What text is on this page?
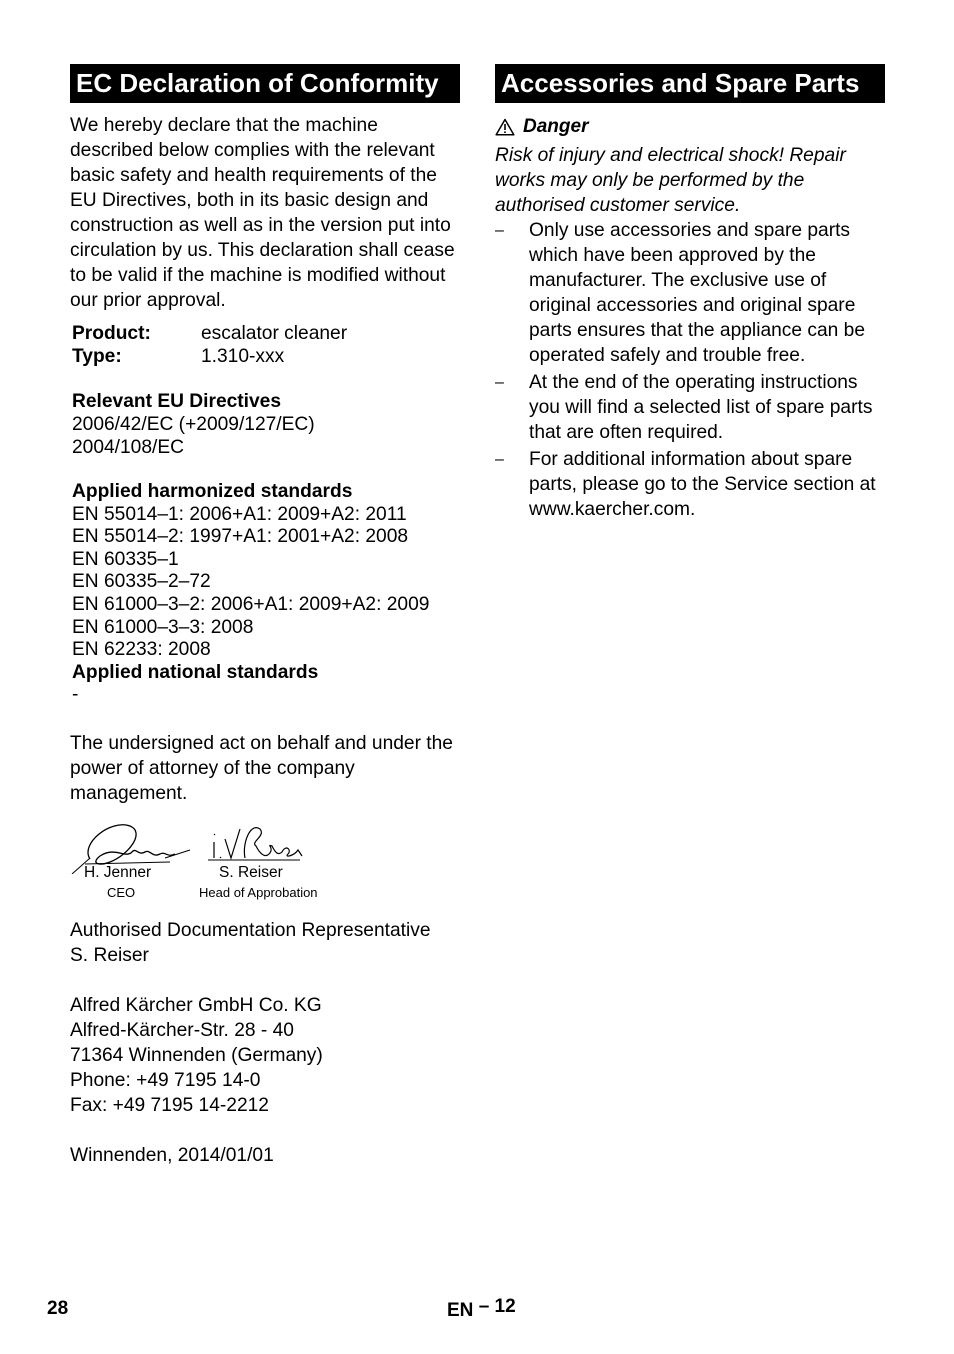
EC Declaration of Conformity

We hereby declare that the machine described below complies with the relevant basic safety and health requirements of the EU Directives, both in its basic design and construction as well as in the version put into circulation by us. This declaration shall cease to be valid if the machine is modified without our prior approval.

Product:	escalator cleaner
Type:	1.310-xxx
Relevant EU Directives
2006/42/EC (+2009/127/EC)
2004/108/EC
Applied harmonized standards
EN 55014–1: 2006+A1: 2009+A2: 2011
EN 55014–2: 1997+A1: 2001+A2: 2008
EN 60335–1
EN 60335–2–72
EN 61000–3–2: 2006+A1: 2009+A2: 2009
EN 61000–3–3: 2008
EN 62233: 2008
Applied national standards
-

The undersigned act on behalf and under the power of attorney of the company management.

H. Jenner
CEO
S. Reiser
Head of Approbation
Authorised Documentation Representative
S. Reiser
Alfred Kärcher GmbH Co. KG
Alfred-Kärcher-Str. 28 - 40
71364 Winnenden (Germany)
Phone: +49 7195 14-0
Fax: +49 7195 14-2212
Winnenden, 2014/01/01
Accessories and Spare Parts
Danger

Risk of injury and electrical shock! Repair works may only be performed by the authorised customer service.

–	Only use accessories and spare parts which have been approved by the manufacturer. The exclusive use of original accessories and original spare parts ensures that the appliance can be operated safely and trouble free.
–	At the end of the operating instructions you will find a selected list of spare parts that are often required.
–	For additional information about spare parts, please go to the Service section at www.kaercher.com.
28	EN – 12
